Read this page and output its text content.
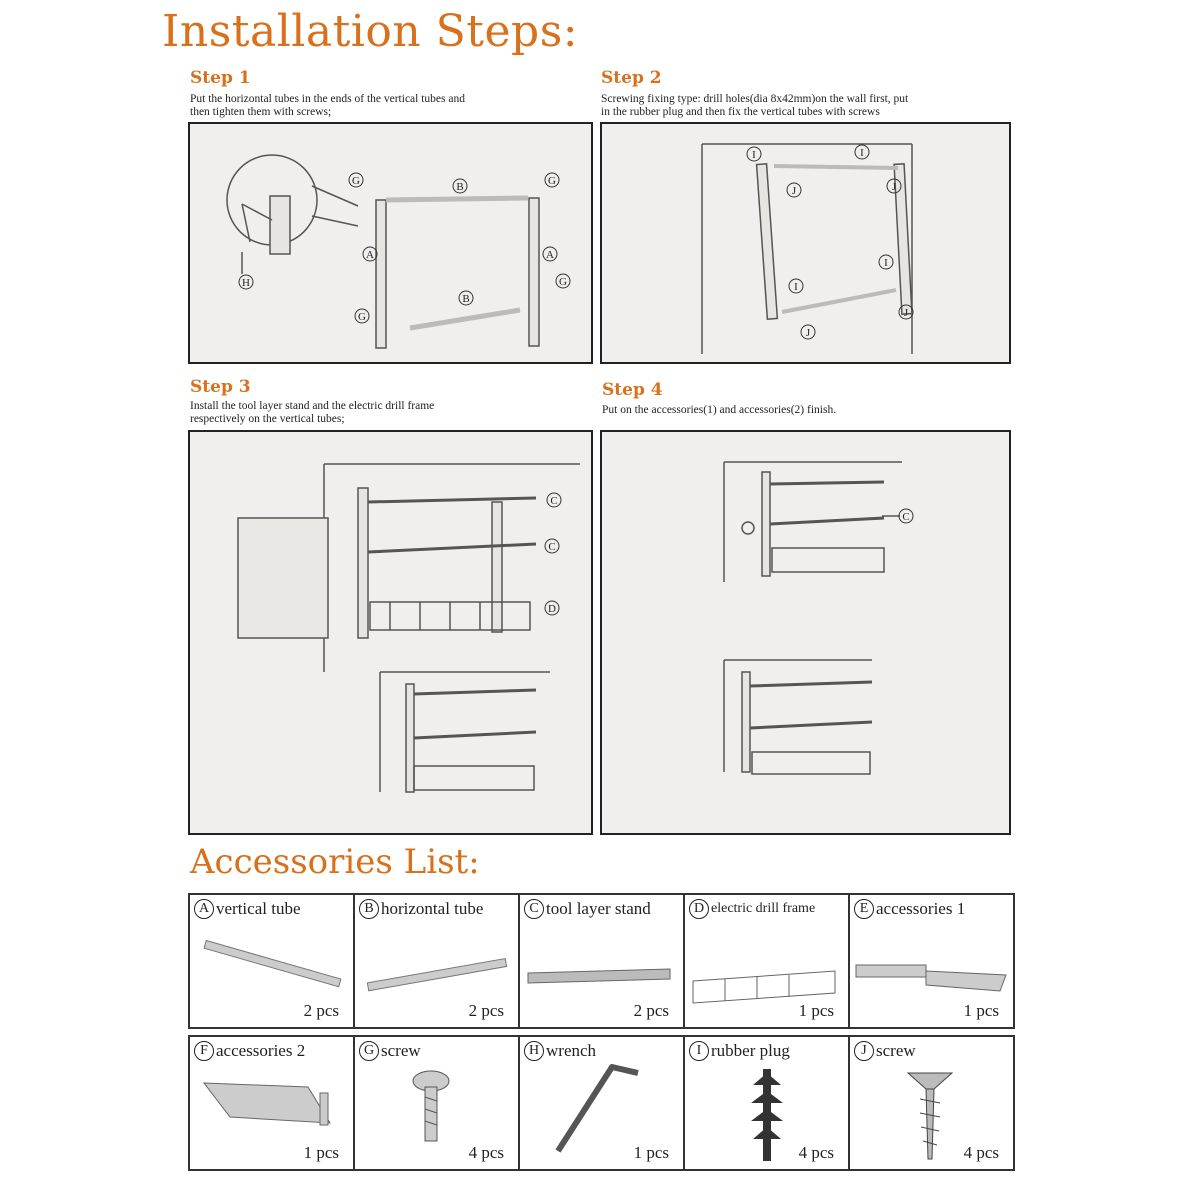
Installation Steps:
Step 1
Put the horizontal tubes in the ends of the vertical tubes and
then tighten them with screws;
G	B	G
A	A
G
B
G
H
Step 2
Screwing fixing type: drill holes(dia 8x42mm)on the wall first, put
in the rubber plug and then fix the vertical tubes with screws
I	I
J	J
I
I
J
J
Step 3
Install the tool layer stand and the electric drill frame
respectively on the vertical tubes;
C
C
D
Step 4
Put on the accessories(1) and accessories(2) finish.
C
Accessories List:
A vertical tube
2 pcs
B horizontal tube
2 pcs
C tool layer stand
2 pcs
D electric drill frame
1 pcs
E accessories 1
1 pcs
F accessories 2
1 pcs
G screw
4 pcs
H wrench
1 pcs
I rubber plug
4 pcs
J screw
4 pcs
